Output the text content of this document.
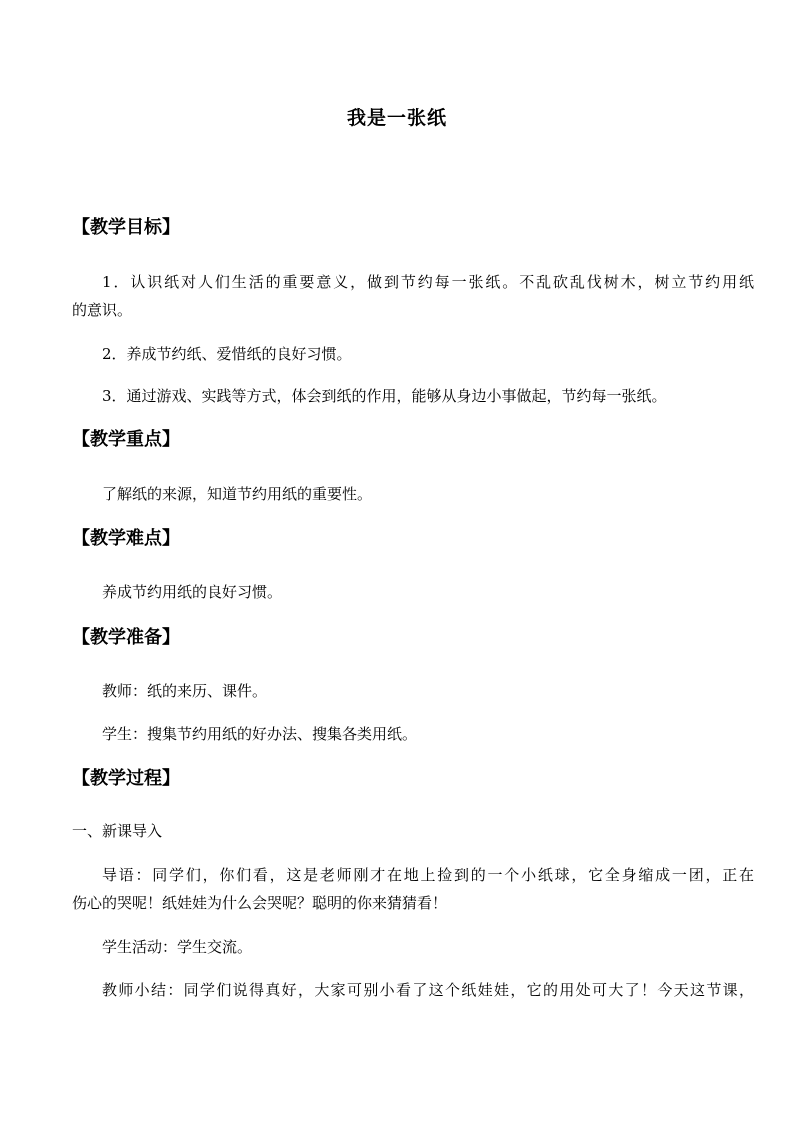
我是一张纸
【教学目标】
1．认识纸对人们生活的重要意义，做到节约每一张纸。不乱砍乱伐树木，树立节约用纸
的意识。
2．养成节约纸、爱惜纸的良好习惯。
3．通过游戏、实践等方式，体会到纸的作用，能够从身边小事做起，节约每一张纸。
【教学重点】
了解纸的来源，知道节约用纸的重要性。
【教学难点】
养成节约用纸的良好习惯。
【教学准备】
教师：纸的来历、课件。
学生：搜集节约用纸的好办法、搜集各类用纸。
【教学过程】
一、新课导入
导语：同学们，你们看，这是老师刚才在地上捡到的一个小纸球，它全身缩成一团，正在
伤心的哭呢！纸娃娃为什么会哭呢？聪明的你来猜猜看！
学生活动：学生交流。
教师小结：同学们说得真好，大家可别小看了这个纸娃娃，它的用处可大了！今天这节课，
